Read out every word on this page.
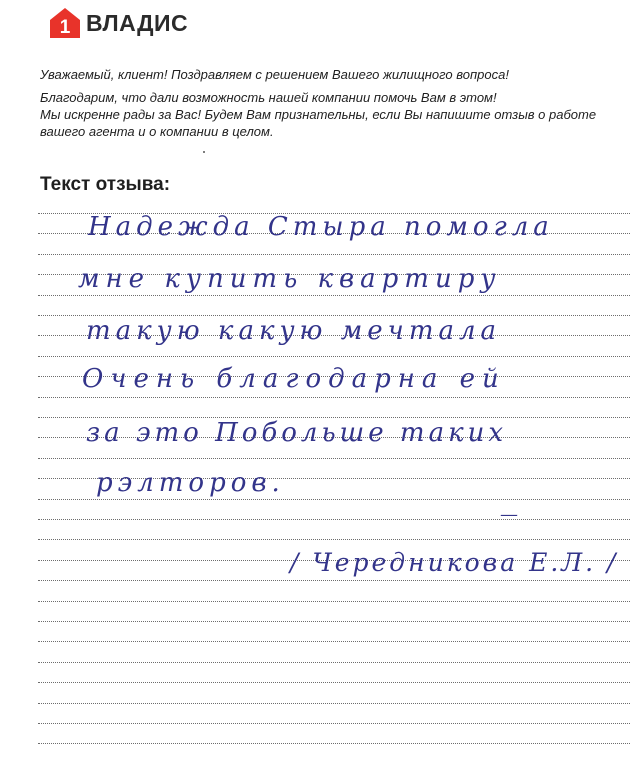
1 ВЛАДИС

Уважаемый, клиент! Поздравляем с решением Вашего жилищного вопроса!

Благодарим, что дали возможность нашей компании помочь Вам в этом!

Мы искренне рады за Вас! Будем Вам признательны, если Вы напишите отзыв о работе

вашего агента и о компании в целом.

Текст отзыва:
Надежда Стыра помогла
мне купить квартиру
такую какую мечтала
Очень благодарна ей
за это Побольше таких
рэлторов.
—
/ Чередникова Е.Л. /
